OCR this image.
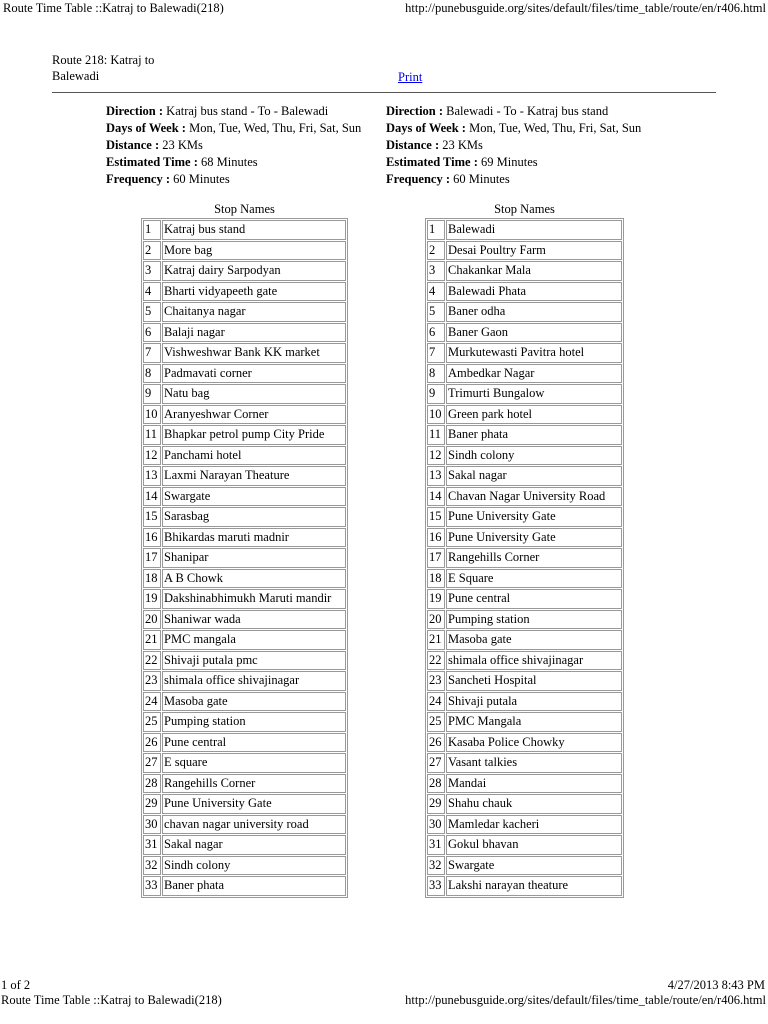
Route Time Table ::Katraj to Balewadi(218)	http://punebusguide.org/sites/default/files/time_table/route/en/r406.html
Route 218: Katraj to Balewadi	Print
Direction : Katraj bus stand - To - Balewadi
Days of Week : Mon, Tue, Wed, Thu, Fri, Sat, Sun
Distance : 23 KMs
Estimated Time : 68 Minutes
Frequency : 60 Minutes
Direction : Balewadi - To - Katraj bus stand
Days of Week : Mon, Tue, Wed, Thu, Fri, Sat, Sun
Distance : 23 KMs
Estimated Time : 69 Minutes
Frequency : 60 Minutes
Stop Names
1	Katraj bus stand
2	More bag
3	Katraj dairy Sarpodyan
4	Bharti vidyapeeth gate
5	Chaitanya nagar
6	Balaji nagar
7	Vishweshwar Bank KK market
8	Padmavati corner
9	Natu bag
10	Aranyeshwar Corner
11	Bhapkar petrol pump City Pride
12	Panchami hotel
13	Laxmi Narayan Theature
14	Swargate
15	Sarasbag
16	Bhikardas maruti madnir
17	Shanipar
18	A B Chowk
19	Dakshinabhimukh Maruti mandir
20	Shaniwar wada
21	PMC mangala
22	Shivaji putala pmc
23	shimala office shivajinagar
24	Masoba gate
25	Pumping station
26	Pune central
27	E square
28	Rangehills Corner
29	Pune University Gate
30	chavan nagar university road
31	Sakal nagar
32	Sindh colony
33	Baner phata
Stop Names
1	Balewadi
2	Desai Poultry Farm
3	Chakankar Mala
4	Balewadi Phata
5	Baner odha
6	Baner Gaon
7	Murkutewasti Pavitra hotel
8	Ambedkar Nagar
9	Trimurti Bungalow
10	Green park hotel
11	Baner phata
12	Sindh colony
13	Sakal nagar
14	Chavan Nagar University Road
15	Pune University Gate
16	Pune University Gate
17	Rangehills Corner
18	E Square
19	Pune central
20	Pumping station
21	Masoba gate
22	shimala office shivajinagar
23	Sancheti Hospital
24	Shivaji putala
25	PMC Mangala
26	Kasaba Police Chowky
27	Vasant talkies
28	Mandai
29	Shahu chauk
30	Mamledar kacheri
31	Gokul bhavan
32	Swargate
33	Lakshi narayan theature
1 of 2	4/27/2013 8:43 PM
Route Time Table ::Katraj to Balewadi(218)	http://punebusguide.org/sites/default/files/time_table/route/en/r406.html
